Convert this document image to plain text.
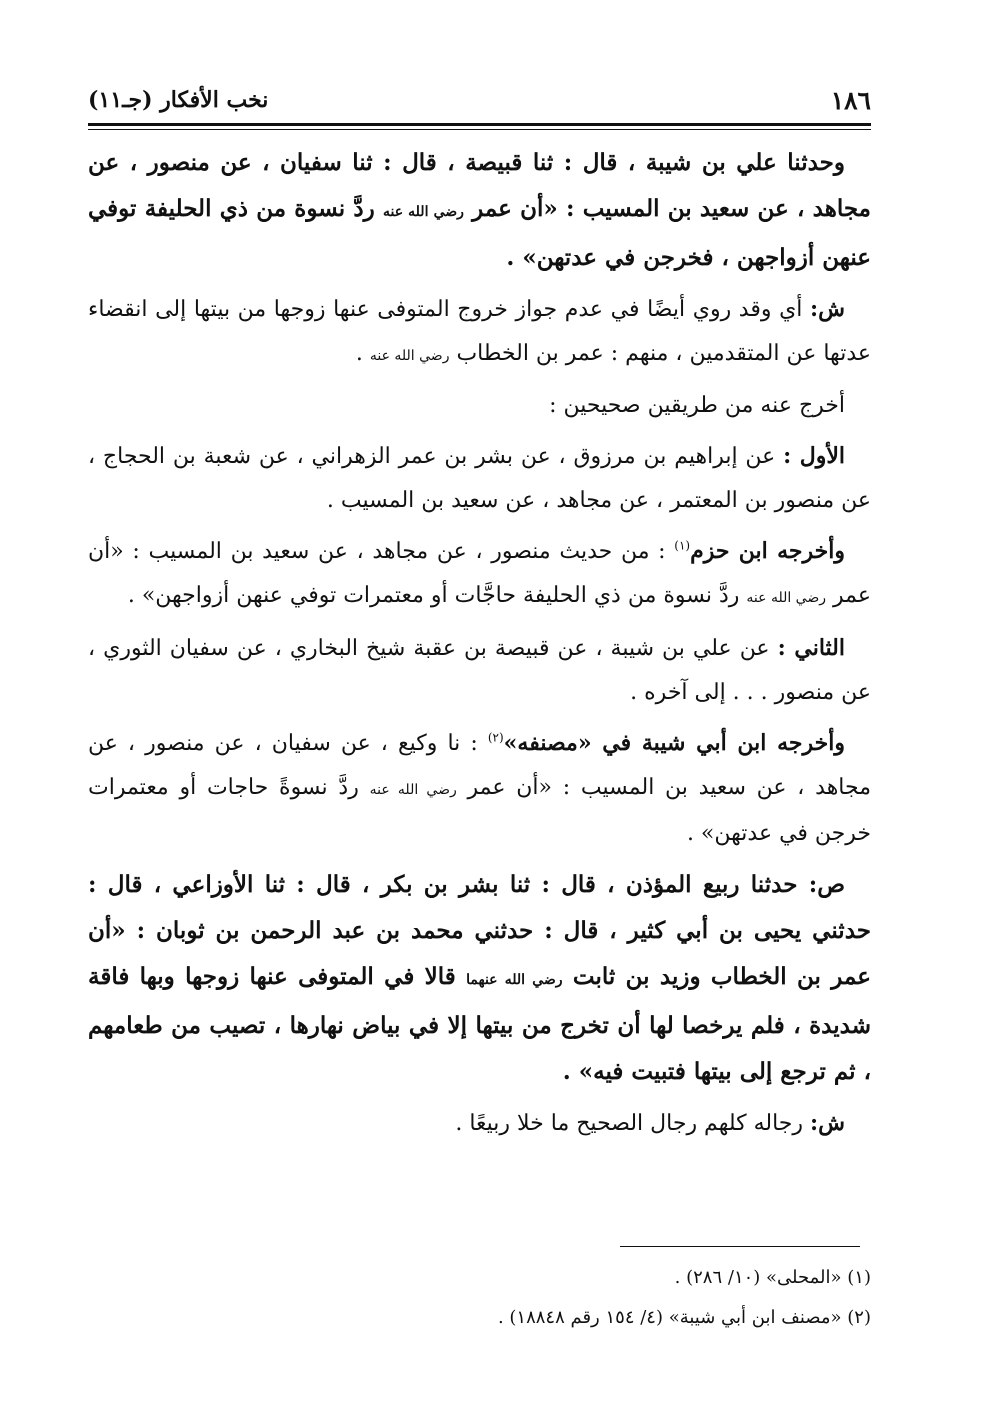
١٨٦
نخب الأفكار (جـ١١)

وحدثنا علي بن شيبة ، قال : ثنا قبيصة ، قال : ثنا سفيان ، عن منصور ، عن مجاهد ، عن سعيد بن المسيب : «أن عمر رضي الله عنه ردَّ نسوة من ذي الحليفة توفي عنهن أزواجهن ، فخرجن في عدتهن» .

ش: أي وقد روي أيضًا في عدم جواز خروج المتوفى عنها زوجها من بيتها إلى انقضاء عدتها عن المتقدمين ، منهم : عمر بن الخطاب رضي الله عنه .

أخرج عنه من طريقين صحيحين :

الأول : عن إبراهيم بن مرزوق ، عن بشر بن عمر الزهراني ، عن شعبة بن الحجاج ، عن منصور بن المعتمر ، عن مجاهد ، عن سعيد بن المسيب .

وأخرجه ابن حزم$^{(١)}$ : من حديث منصور ، عن مجاهد ، عن سعيد بن المسيب : «أن عمر رضي الله عنه ردَّ نسوة من ذي الحليفة حاجَّات أو معتمرات توفي عنهن أزواجهن» .

الثاني : عن علي بن شيبة ، عن قبيصة بن عقبة شيخ البخاري ، عن سفيان الثوري ، عن منصور . . . إلى آخره .

وأخرجه ابن أبي شيبة في «مصنفه»$^{(٢)}$ : نا وكيع ، عن سفيان ، عن منصور ، عن مجاهد ، عن سعيد بن المسيب : «أن عمر رضي الله عنه ردَّ نسوةً حاجات أو معتمرات خرجن في عدتهن» .

ص: حدثنا ربيع المؤذن ، قال : ثنا بشر بن بكر ، قال : ثنا الأوزاعي ، قال : حدثني يحيى بن أبي كثير ، قال : حدثني محمد بن عبد الرحمن بن ثوبان : «أن عمر بن الخطاب وزيد بن ثابت رضي الله عنهما قالا في المتوفى عنها زوجها وبها فاقة شديدة ، فلم يرخصا لها أن تخرج من بيتها إلا في بياض نهارها ، تصيب من طعامهم ، ثم ترجع إلى بيتها فتبيت فيه» .

ش: رجاله كلهم رجال الصحيح ما خلا ربيعًا .

(١) «المحلى» (١٠/ ٢٨٦) .

(٢) «مصنف ابن أبي شيبة» (٤/ ١٥٤ رقم ١٨٨٤٨) .
